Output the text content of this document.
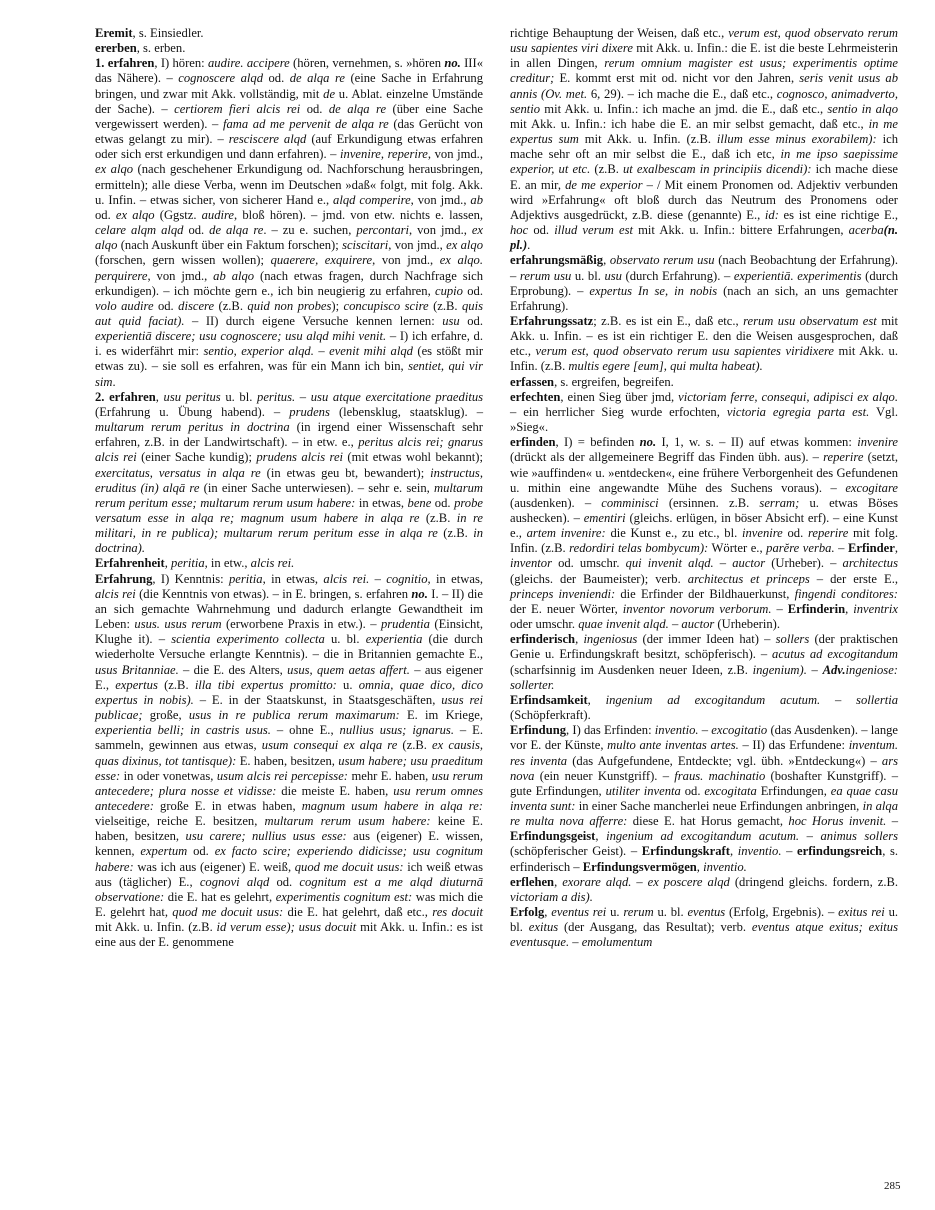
Eremit, s. Einsiedler.

ererben, s. erben.

1. erfahren, I) hören: audire. accipere (hören, vernehmen, s. »hören no. III« das Nähere). – cognoscere alqd od. de alqa re (eine Sache in Erfahrung bringen, und zwar mit Akk. vollständig, mit de u. Ablat. einzelne Umstände der Sache). – certiorem fieri alcis rei od. de alqa re (über eine Sache vergewissert werden). – fama ad me pervenit de alqa re (das Gerücht von etwas gelangt zu mir). – resciscere alqd (auf Erkundigung etwas erfahren oder sich erst erkundigen und dann erfahren). – invenire, reperire, von jmd., ex alqo (nach geschehener Erkundigung od. Nachforschung herausbringen, ermitteln); alle diese Verba, wenn im Deutschen »daß« folgt, mit folg. Akk. u. Infin. – etwas sicher, von sicherer Hand e., alqd comperire, von jmd., ab od. ex alqo (Ggstz. audire, bloß hören). – jmd. von etw. nichts e. lassen, celare alqm alqd od. de alqa re. – zu e. suchen, percontari, von jmd., ex alqo (nach Auskunft über ein Faktum forschen); sciscitari, von jmd., ex alqo (forschen, gern wissen wollen); quaerere, exquirere, von jmd., ex alqo. perquirere, von jmd., ab alqo (nach etwas fragen, durch Nachfrage sich erkundigen). – ich möchte gern e., ich bin neugierig zu erfahren, cupio od. volo audire od. discere (z.B. quid non probes); concupisco scire (z.B. quis aut quid faciat). – II) durch eigene Versuche kennen lernen: usu od. experientiā discere; usu cognoscere; usu alqd mihi venit. – I) ich erfahre, d. i. es widerfährt mir: sentio, experior alqd. – evenit mihi alqd (es stößt mir etwas zu). – sie soll es erfahren, was für ein Mann ich bin, sentiet, qui vir sim.

2. erfahren, usu peritus u. bl. peritus. – usu atque exercitatione praeditus (Erfahrung u. Übung habend). – prudens (lebensklug, staatsklug). – multarum rerum peritus in doctrina (in irgend einer Wissenschaft sehr erfahren, z.B. in der Landwirtschaft). – in etw. e., peritus alcis rei; gnarus alcis rei (einer Sache kundig); prudens alcis rei (mit etwas wohl bekannt); exercitatus, versatus in alqa re (in etwas geu bt, bewandert); instructus, eruditus (in) alqā re (in einer Sache unterwiesen). – sehr e. sein, multarum rerum peritum esse; multarum rerum usum habere: in etwas, bene od. probe versatum esse in alqa re; magnum usum habere in alqa re (z.B. in re militari, in re publica); multarum rerum peritum esse in alqa re (z.B. in doctrina).

Erfahrenheit, peritia, in etw., alcis rei.

Erfahrung, I) Kenntnis: peritia, in etwas, alcis rei. – cognitio, in etwas, alcis rei (die Kenntnis von etwas). – in E. bringen, s. erfahren no. I. – II) die an sich gemachte Wahrnehmung und dadurch erlangte Gewandtheit im Leben: usus. usus rerum (erworbene Praxis in etw.). – prudentia (Einsicht, Klughe it). – scientia experimento collecta u. bl. experientia (die durch wiederholte Versuche erlangte Kenntnis). – die in Britannien gemachte E., usus Britanniae. – die E. des Alters, usus, quem aetas affert. – aus eigener E., expertus (z.B. illa tibi expertus promitto: u. omnia, quae dico, dico expertus in nobis). – E. in der Staatskunst, in Staatsgeschäften, usus rei publicae; große, usus in re publica rerum maximarum: E. im Kriege, experientia belli; in castris usus. – ohne E., nullius usus; ignarus. – E. sammeln, gewinnen aus etwas, usum consequi ex alqa re (z.B. ex causis, quas dixinus, tot tantisque): E. haben, besitzen, usum habere; usu praeditum esse: in oder vonetwas, usum alcis rei percepisse: mehr E. haben, usu rerum antecedere; plura nosse et vidisse: die meiste E. haben, usu rerum omnes antecedere: große E. in etwas haben, magnum usum habere in alqa re: vielseitige, reiche E. besitzen, multarum rerum usum habere: keine E. haben, besitzen, usu carere; nullius usus esse: aus (eigener) E. wissen, kennen, expertum od. ex facto scire; experiendo didicisse; usu cognitum habere: was ich aus (eigener) E. weiß, quod me docuit usus: ich weiß etwas aus (täglicher) E., cognovi alqd od. cognitum est a me alqd diuturnā observatione: die E. hat es gelehrt, experimentis cognitum est: was mich die E. gelehrt hat, quod me docuit usus: die E. hat gelehrt, daß etc., res docuit mit Akk. u. Infin. (z.B. id verum esse); usus docuit mit Akk. u. Infin.: es ist eine aus der E. genommene

richtige Behauptung der Weisen, daß etc., verum est, quod observato rerum usu sapientes viri dixere mit Akk. u. Infin.: die E. ist die beste Lehrmeisterin in allen Dingen, rerum omnium magister est usus; experimentis optime creditur; E. kommt erst mit od. nicht vor den Jahren, seris venit usus ab annis (Ov. met. 6, 29). – ich mache die E., daß etc., cognosco, animadverto, sentio mit Akk. u. Infin.: ich mache an jmd. die E., daß etc., sentio in alqo mit Akk. u. Infin.: ich habe die E. an mir selbst gemacht, daß etc., in me expertus sum mit Akk. u. Infin. (z.B. illum esse minus exorabilem): ich mache sehr oft an mir selbst die E., daß ich etc, in me ipso saepissime experior, ut etc. (z.B. ut exalbescam in principiis dicendi): ich mache diese E. an mir, de me experior – / Mit einem Pronomen od. Adjektiv verbunden wird »Erfahrung« oft bloß durch das Neutrum des Pronomens oder Adjektivs ausgedrückt, z.B. diese (genannte) E., id: es ist eine richtige E., hoc od. illud verum est mit Akk. u. Infin.: bittere Erfahrungen, acerba(n. pl.).

erfahrungsmäßig, observato rerum usu (nach Beobachtung der Erfahrung). – rerum usu u. bl. usu (durch Erfahrung). – experientiā. experimentis (durch Erprobung). – expertus In se, in nobis (nach an sich, an uns gemachter Erfahrung).

Erfahrungssatz; z.B. es ist ein E., daß etc., rerum usu observatum est mit Akk. u. Infin. – es ist ein richtiger E. den die Weisen ausgesprochen, daß etc., verum est, quod observato rerum usu sapientes viridixere mit Akk. u. Infin. (z.B. multis egere [eum], qui multa habeat).

erfassen, s. ergreifen, begreifen.

erfechten, einen Sieg über jmd, victoriam ferre, consequi, adipisci ex alqo. – ein herrlicher Sieg wurde erfochten, victoria egregia parta est. Vgl. »Sieg«.

erfinden, I) = befinden no. I, 1, w. s. – II) auf etwas kommen: invenire (drückt als der allgemeinere Begriff das Finden übh. aus). – reperire (setzt, wie »auffinden« u. »entdecken«, eine frühere Verborgenheit des Gefundenen u. mithin eine angewandte Mühe des Suchens voraus). – excogitare (ausdenken). – comminisci (ersinnen. z.B. serram; u. etwas Böses aushecken). – ementiri (gleichs. erlügen, in böser Absicht erf). – eine Kunst e., artem invenire: die Kunst e., zu etc., bl. invenire od. reperire mit folg. Infin. (z.B. redordiri telas bombycum): Wörter e., parĕre verba. – Erfinder, inventor od. umschr. qui invenit alqd. – auctor (Urheber). – architectus (gleichs. der Baumeister); verb. architectus et princeps – der erste E., princeps inveniendi: die Erfinder der Bildhauerkunst, fingendi conditores: der E. neuer Wörter, inventor novorum verborum. – Erfinderin, inventrix oder umschr. quae invenit alqd. – auctor (Urheberin).

erfinderisch, ingeniosus (der immer Ideen hat) – sollers (der praktischen Genie u. Erfindungskraft besitzt, schöpferisch). – acutus ad excogitandum (scharfsinnig im Ausdenken neuer Ideen, z.B. ingenium). – Adv.ingeniose: sollerter.

Erfindsamkeit, ingenium ad excogitandum acutum. – sollertia (Schöpferkraft).

Erfindung, I) das Erfinden: inventio. – excogitatio (das Ausdenken). – lange vor E. der Künste, multo ante inventas artes. – II) das Erfundene: inventum. res inventa (das Aufgefundene, Entdeckte; vgl. übh. »Entdeckung«) – ars nova (ein neuer Kunstgriff). – fraus. machinatio (boshafter Kunstgriff). – gute Erfindungen, utiliter inventa od. excogitata Erfindungen, ea quae casu inventa sunt: in einer Sache mancherlei neue Erfindungen anbringen, in alqa re multa nova afferre: diese E. hat Horus gemacht, hoc Horus invenit. – Erfindungsgeist, ingenium ad excogitandum acutum. – animus sollers (schöpferischer Geist). – Erfindungskraft, inventio. – erfindungsreich, s. erfinderisch – Erfindungsvermögen, inventio.

erflehen, exorare alqd. – ex poscere alqd (dringend gleichs. fordern, z.B. victoriam a dis).

Erfolg, eventus rei u. rerum u. bl. eventus (Erfolg, Ergebnis). – exitus rei u. bl. exitus (der Ausgang, das Resultat); verb. eventus atque exitus; exitus eventusque. – emolumentum

285
